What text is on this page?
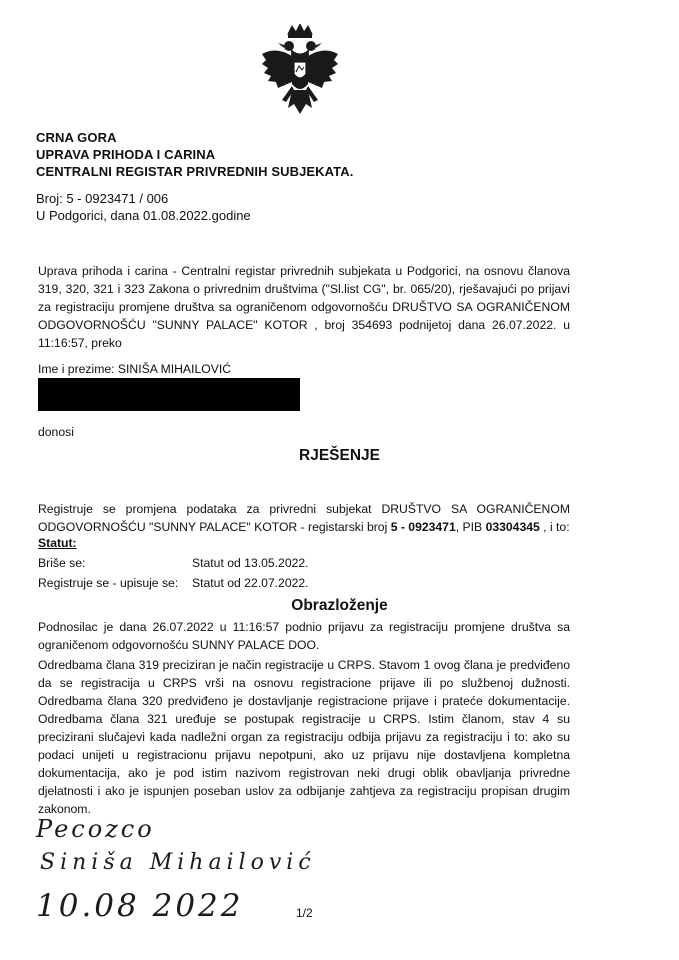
CRNA GORA
UPRAVA PRIHODA I CARINA
CENTRALNI REGISTAR PRIVREDNIH SUBJEKATA.
Broj: 5 - 0923471 / 006
U Podgorici, dana 01.08.2022.godine
Uprava prihoda i carina - Centralni registar privrednih subjekata u Podgorici, na osnovu članova 319, 320, 321 i 323 Zakona o privrednim društvima ("Sl.list CG", br. 065/20), rješavajući po prijavi za registraciju promjene društva sa ograničenom odgovornošću DRUŠTVO SA OGRANIČENOM ODGOVORNOŠĆU "SUNNY PALACE" KOTOR , broj 354693 podnijetoj dana 26.07.2022. u 11:16:57, preko
Ime i prezime: SINIŠA MIHAILOVIĆ
donosi
RJEŠENJE
Registruje se promjena podataka za privredni subjekat DRUŠTVO SA OGRANIČENOM ODGOVORNOŠĆU "SUNNY PALACE" KOTOR - registarski broj 5 - 0923471, PIB 03304345 , i to:
Statut:
Briše se:	Statut od 13.05.2022.
Registruje se - upisuje se: Statut od 22.07.2022.
Obrazloženje
Podnosilac je dana 26.07.2022 u 11:16:57 podnio prijavu za registraciju promjene društva sa ograničenom odgovornošću SUNNY PALACE DOO.
Odredbama člana 319 preciziran je način registracije u CRPS. Stavom 1 ovog člana je predviđeno da se registracija u CRPS vrši na osnovu registracione prijave ili po službenoj dužnosti. Odredbama člana 320 predviđeno je dostavljanje registracione prijave i prateće dokumentacije. Odredbama člana 321 uređuje se postupak registracije u CRPS. Istim članom, stav 4 su precizirani slučajevi kada nadležni organ za registraciju odbija prijavu za registraciju i to: ako su podaci unijeti u registracionu prijavu nepotpuni, ako uz prijavu nije dostavljena kompletna dokumentacija, ako je pod istim nazivom registrovan neki drugi oblik obavljanja privredne djelatnosti i ako je ispunjen poseban uslov za odbijanje zahtjeva za registraciju propisan drugim zakonom.
Pecozco
Siniša Mihailović
10.08 2022	1/2
